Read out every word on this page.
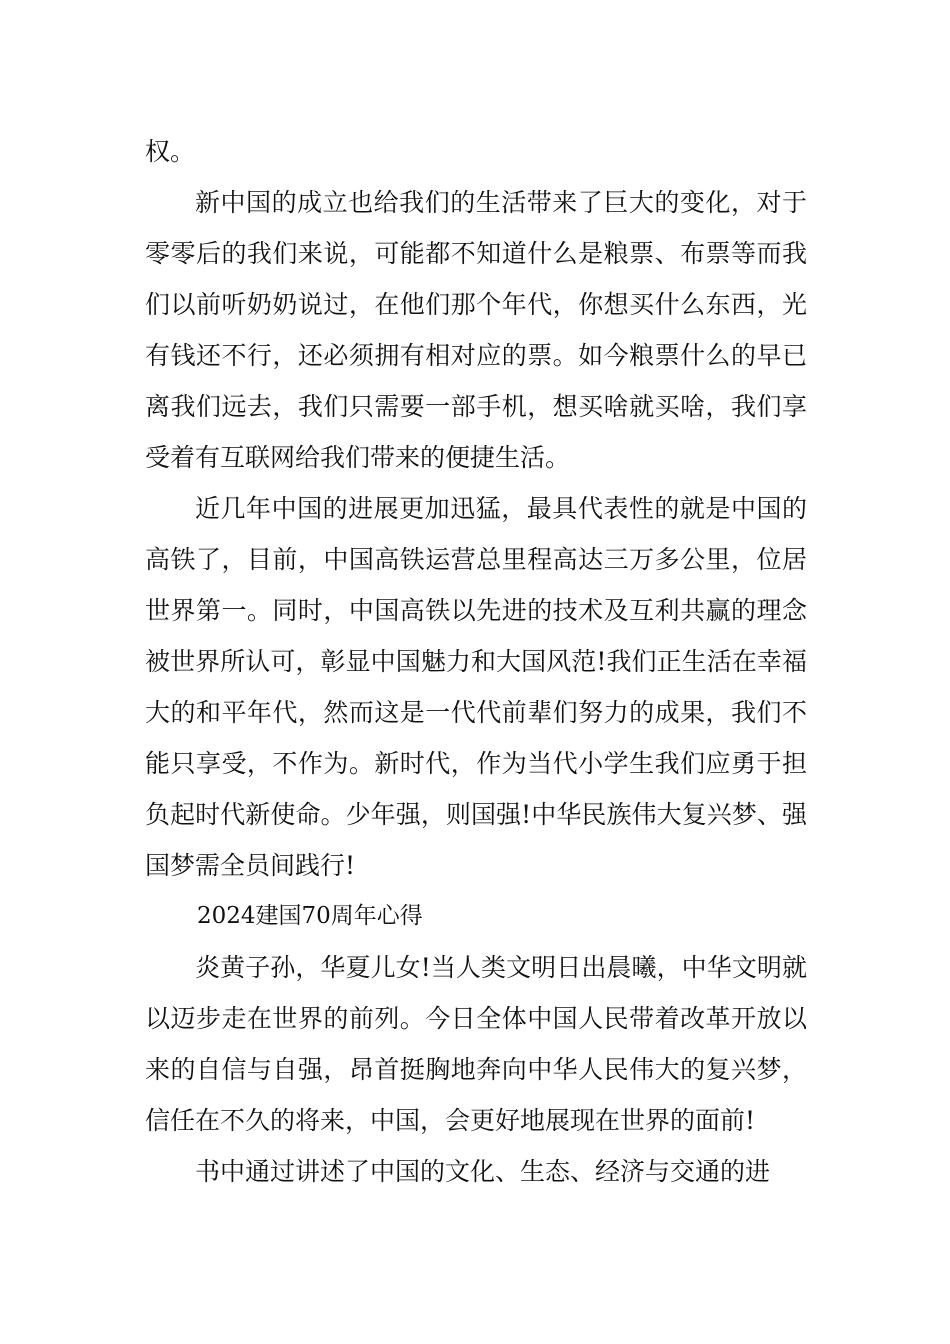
权。

新中国的成立也给我们的生活带来了巨大的变化，对于零零后的我们来说，可能都不知道什么是粮票、布票等而我们以前听奶奶说过，在他们那个年代，你想买什么东西，光有钱还不行，还必须拥有相对应的票。如今粮票什么的早已离我们远去，我们只需要一部手机，想买啥就买啥，我们享受着有互联网给我们带来的便捷生活。

近几年中国的进展更加迅猛，最具代表性的就是中国的高铁了，目前，中国高铁运营总里程高达三万多公里，位居世界第一。同时，中国高铁以先进的技术及互利共赢的理念被世界所认可，彰显中国魅力和大国风范!我们正生活在幸福大的和平年代，然而这是一代代前辈们努力的成果，我们不能只享受，不作为。新时代，作为当代小学生我们应勇于担负起时代新使命。少年强，则国强!中华民族伟大复兴梦、强国梦需全员间践行!

2024建国70周年心得

炎黄子孙，华夏儿女!当人类文明日出晨曦，中华文明就以迈步走在世界的前列。今日全体中国人民带着改革开放以来的自信与自强，昂首挺胸地奔向中华人民伟大的复兴梦，信任在不久的将来，中国，会更好地展现在世界的面前!

书中通过讲述了中国的文化、生态、经济与交通的进
